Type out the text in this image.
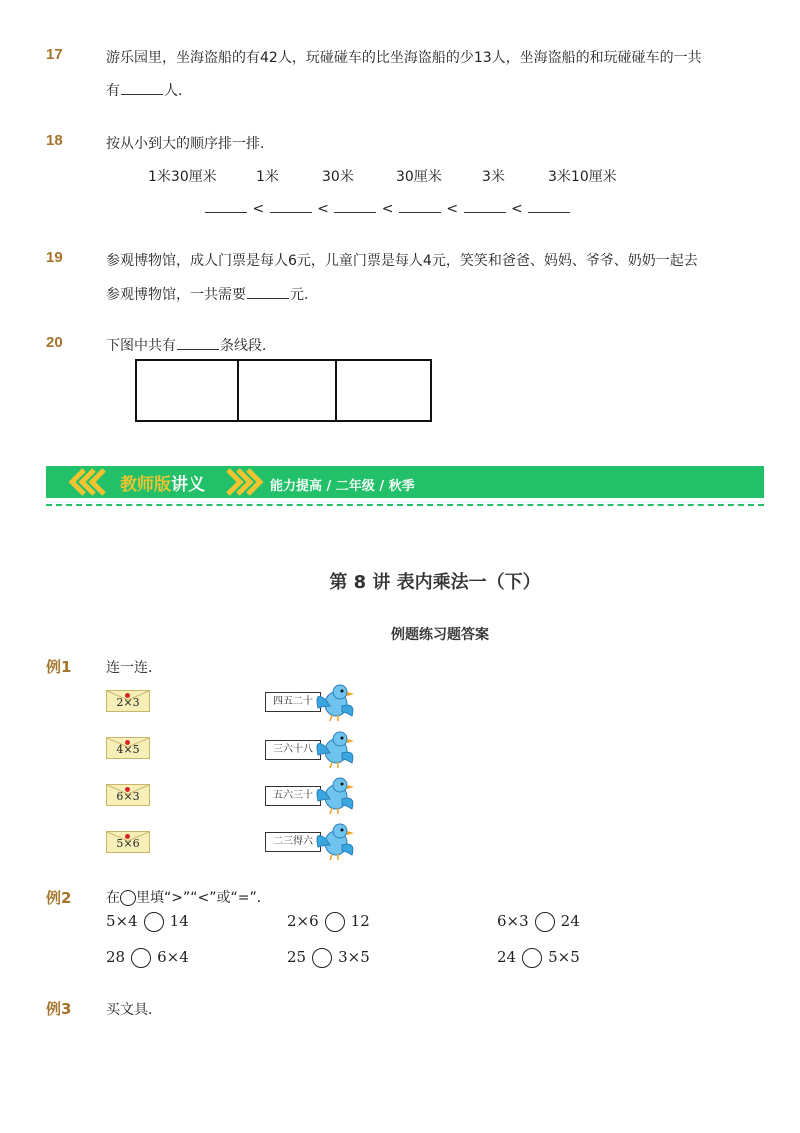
17	游乐园里，坐海盗船的有42人，玩碰碰车的比坐海盗船的少13人，坐海盗船的和玩碰碰车的一共
有	人．
18	按从小到大的顺序排一排．
1米30厘米	1米	30米	30厘米	3米	3米10厘米
<	<	<	<	<
19	参观博物馆，成人门票是每人6元，儿童门票是每人4元，笑笑和爸爸、妈妈、爷爷、奶奶一起去
参观博物馆，一共需要	元．
20	下图中共有	条线段．
教师版讲义	能力提高 / 二年级 / 秋季
第 8 讲 表内乘法一（下）
例题练习题答案
例1 连一连．
2×3
4×5
6×3
5×6
四五二十
三六十八
五六三十
二三得六
例2 在 里填“>”“<”或“=”．
5×4 14	2×6 12	6×3 24
28 6×4	25 3×5	24 5×5
例3 买文具．
